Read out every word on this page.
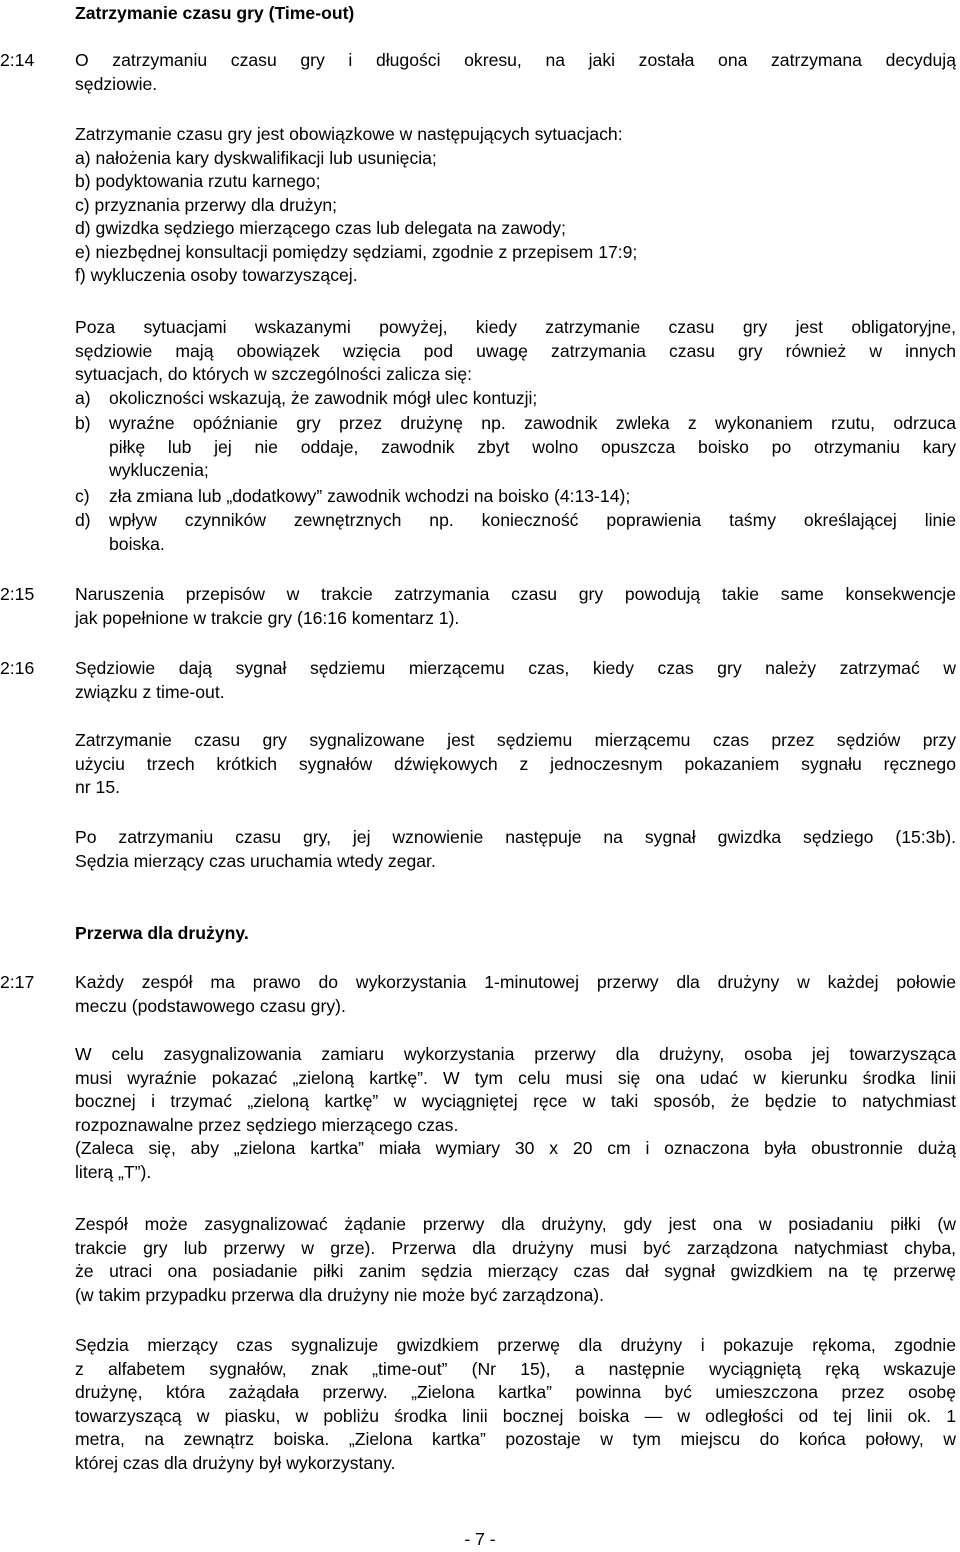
Zatrzymanie czasu gry (Time-out)
2:14	O zatrzymaniu czasu gry i długości okresu, na jaki została ona zatrzymana decydują
sędziowie.
Zatrzymanie czasu gry jest obowiązkowe w następujących sytuacjach:
a) nałożenia kary dyskwalifikacji lub usunięcia;
b) podyktowania rzutu karnego;
c) przyznania przerwy dla drużyn;
d) gwizdka sędziego mierzącego czas lub delegata na zawody;
e) niezbędnej konsultacji pomiędzy sędziami, zgodnie z przepisem 17:9;
f) wykluczenia osoby towarzyszącej.
Poza sytuacjami wskazanymi powyżej, kiedy zatrzymanie czasu gry jest obligatoryjne,
sędziowie mają obowiązek wzięcia pod uwagę zatrzymania czasu gry również w innych
sytuacjach, do których w szczególności zalicza się:
a)	okoliczności wskazują, że zawodnik mógł ulec kontuzji;
b)	wyraźne opóźnianie gry przez drużynę np. zawodnik zwleka z wykonaniem rzutu, odrzuca
piłkę lub jej nie oddaje, zawodnik zbyt wolno opuszcza boisko po otrzymaniu kary
wykluczenia;
c)	zła zmiana lub „dodatkowy” zawodnik wchodzi na boisko (4:13-14);
d)	wpływ czynników zewnętrznych np. konieczność poprawienia taśmy określającej linie
boiska.
2:15	Naruszenia przepisów w trakcie zatrzymania czasu gry powodują takie same konsekwencje
jak popełnione w trakcie gry (16:16 komentarz 1).
2:16	Sędziowie dają sygnał sędziemu mierzącemu czas, kiedy czas gry należy zatrzymać w
związku z time-out.
Zatrzymanie czasu gry sygnalizowane jest sędziemu mierzącemu czas przez sędziów przy
użyciu trzech krótkich sygnałów dźwiękowych z jednoczesnym pokazaniem sygnału ręcznego
nr 15.
Po zatrzymaniu czasu gry, jej wznowienie następuje na sygnał gwizdka sędziego (15:3b).
Sędzia mierzący czas uruchamia wtedy zegar.
Przerwa dla drużyny.
2:17	Każdy zespół ma prawo do wykorzystania 1-minutowej przerwy dla drużyny w każdej połowie
meczu (podstawowego czasu gry).
W celu zasygnalizowania zamiaru wykorzystania przerwy dla drużyny, osoba jej towarzysząca
musi wyraźnie pokazać „zieloną kartkę”. W tym celu musi się ona udać w kierunku środka linii
bocznej i trzymać „zieloną kartkę” w wyciągniętej ręce w taki sposób, że będzie to natychmiast
rozpoznawalne przez sędziego mierzącego czas.
(Zaleca się, aby „zielona kartka” miała wymiary 30 x 20 cm i oznaczona była obustronnie dużą
literą „T”).
Zespół może zasygnalizować żądanie przerwy dla drużyny, gdy jest ona w posiadaniu piłki (w
trakcie gry lub przerwy w grze). Przerwa dla drużyny musi być zarządzona natychmiast chyba,
że utraci ona posiadanie piłki zanim sędzia mierzący czas dał sygnał gwizdkiem na tę przerwę
(w takim przypadku przerwa dla drużyny nie może być zarządzona).
Sędzia mierzący czas sygnalizuje gwizdkiem przerwę dla drużyny i pokazuje rękoma, zgodnie
z alfabetem sygnałów, znak „time-out” (Nr 15), a następnie wyciągniętą ręką wskazuje
drużynę, która zażądała przerwy. „Zielona kartka” powinna być umieszczona przez osobę
towarzyszącą w piasku, w pobliżu środka linii bocznej boiska — w odległości od tej linii ok. 1
metra, na zewnątrz boiska. „Zielona kartka” pozostaje w tym miejscu do końca połowy, w
której czas dla drużyny był wykorzystany.
- 7 -
